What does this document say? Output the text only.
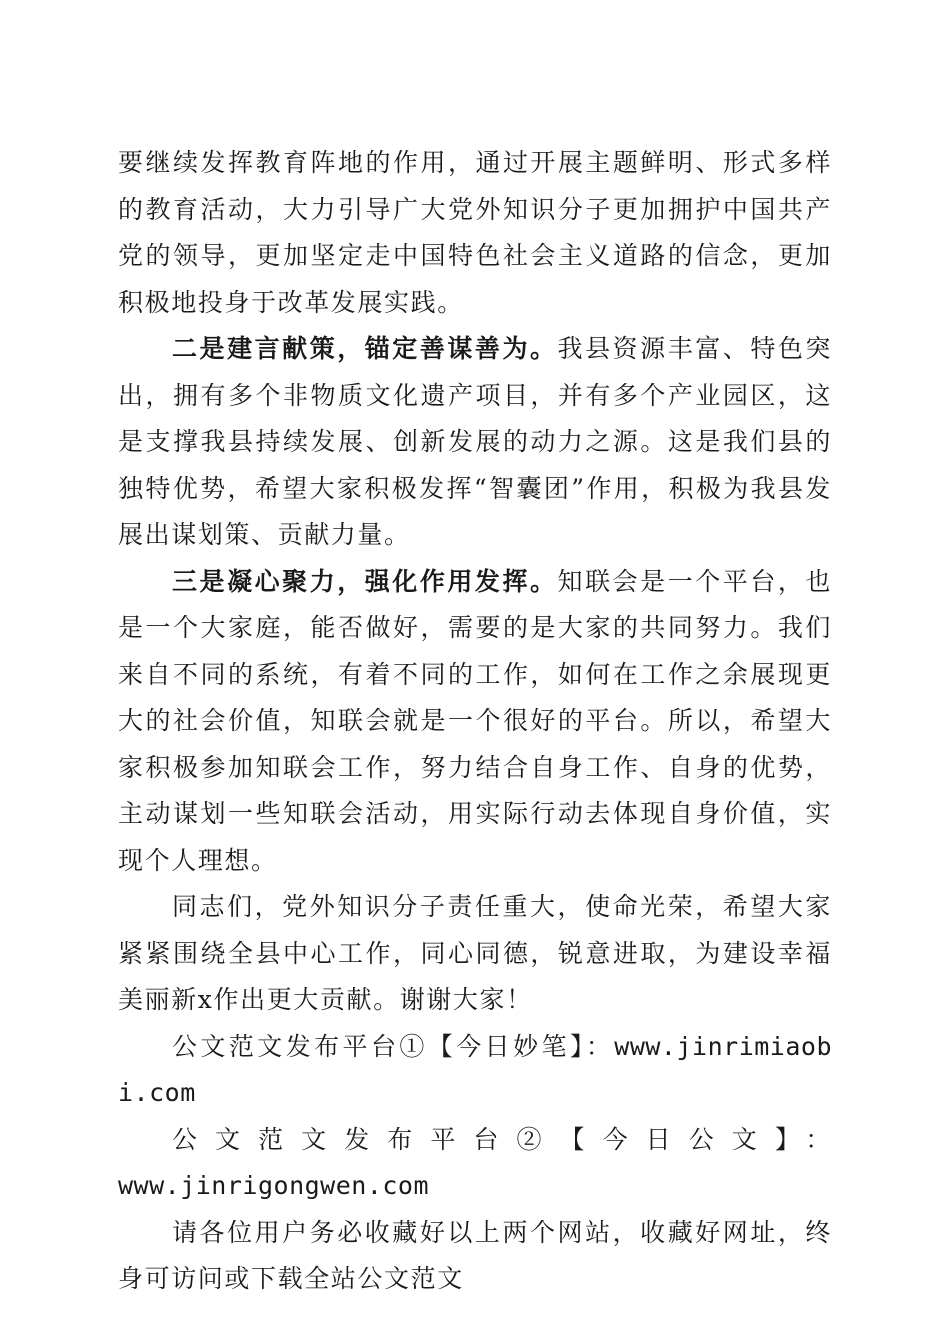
要继续发挥教育阵地的作用，通过开展主题鲜明、形式多样的教育活动，大力引导广大党外知识分子更加拥护中国共产党的领导，更加坚定走中国特色社会主义道路的信念，更加积极地投身于改革发展实践。

二是建言献策，锚定善谋善为。我县资源丰富、特色突出，拥有多个非物质文化遗产项目，并有多个产业园区，这是支撑我县持续发展、创新发展的动力之源。这是我们县的独特优势，希望大家积极发挥“智囊团”作用，积极为我县发展出谋划策、贡献力量。

三是凝心聚力，强化作用发挥。知联会是一个平台，也是一个大家庭，能否做好，需要的是大家的共同努力。我们来自不同的系统，有着不同的工作，如何在工作之余展现更大的社会价值，知联会就是一个很好的平台。所以，希望大家积极参加知联会工作，努力结合自身工作、自身的优势，主动谋划一些知联会活动，用实际行动去体现自身价值，实现个人理想。

同志们，党外知识分子责任重大，使命光荣，希望大家紧紧围绕全县中心工作，同心同德，锐意进取，为建设幸福美丽新x作出更大贡献。谢谢大家！

公文范文发布平台①【今日妙笔】：www.jinrimiaobi.com

公文范文发布平台②【今日公文】：

www.jinrigongwen.com

请各位用户务必收藏好以上两个网站，收藏好网址，终身可访问或下载全站公文范文
